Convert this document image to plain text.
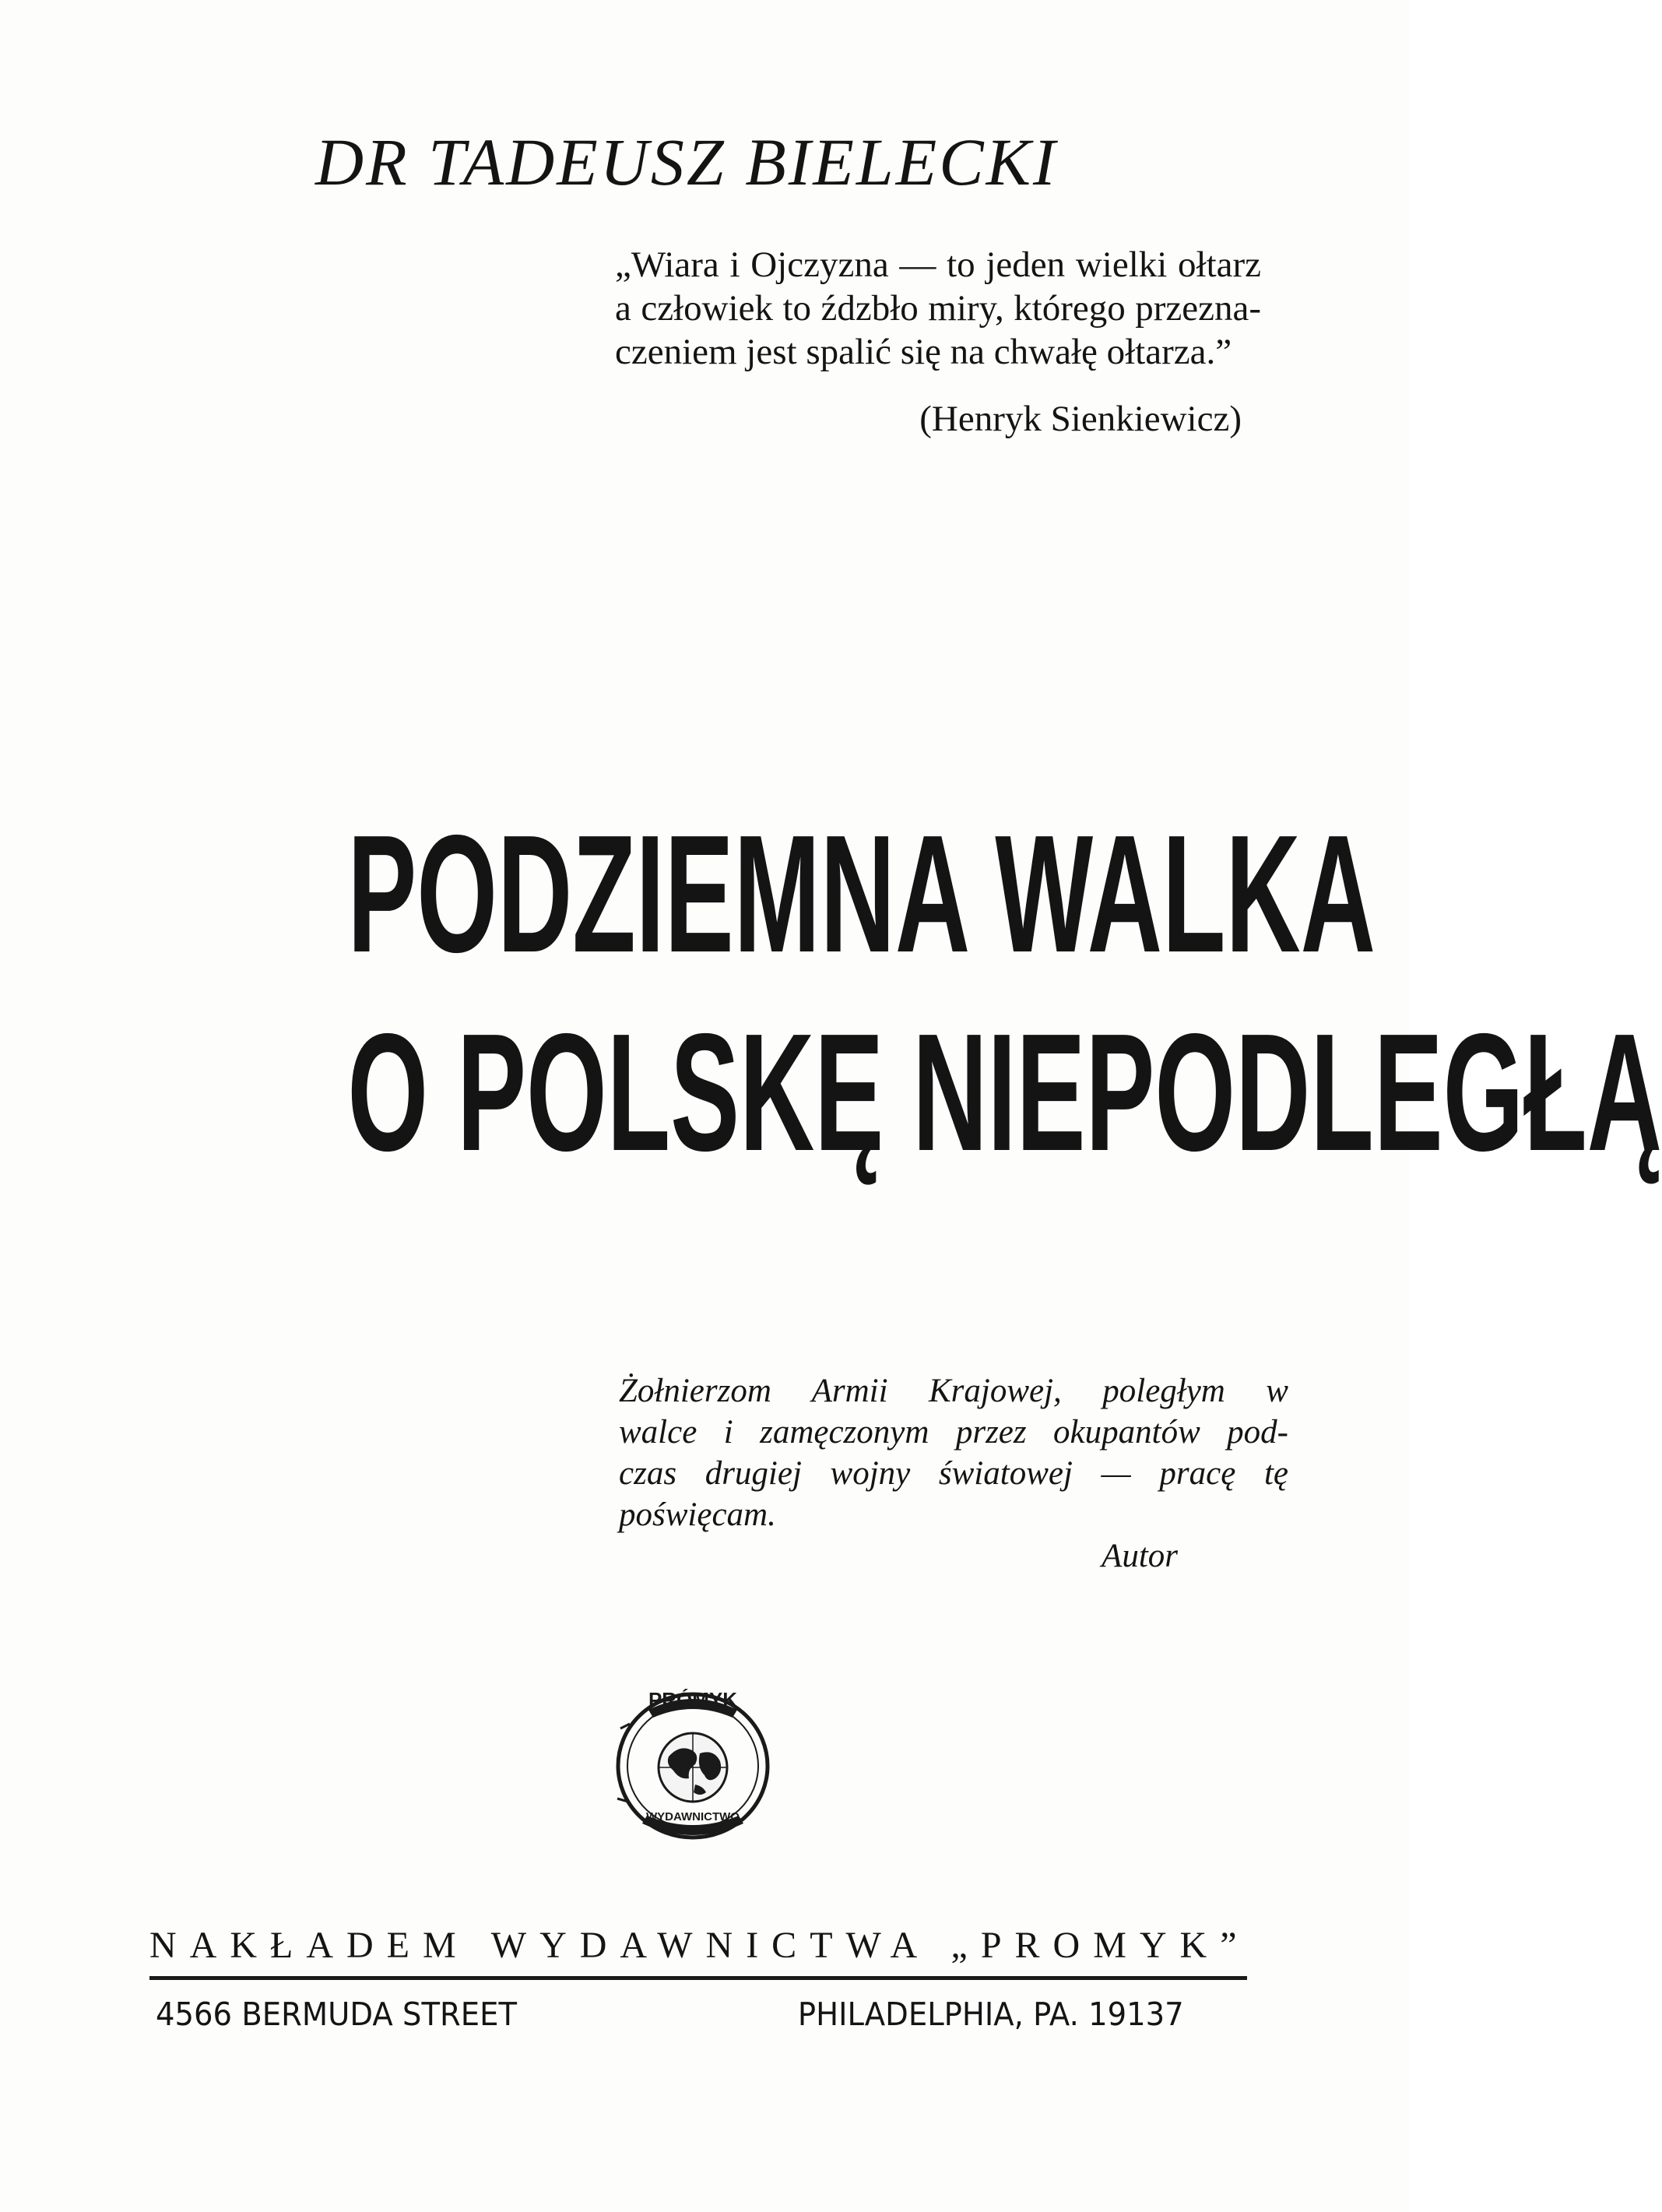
DR TADEUSZ BIELECKI
„Wiara i Ojczyzna — to jeden wielki ołtarz
a człowiek to źdzbło miry, którego przezna-
czeniem jest spalić się na chwałę ołtarza.”
(Henryk Sienkiewicz)
PODZIEMNA WALKA
O POLSKĘ NIEPODLEGŁĄ
Żołnierzom Armii Krajowej, poległym w
walce i zamęczonym przez okupantów pod-
czas drugiej wojny światowej — pracę tę
poświęcam.
Autor
PRÓMYK
WYDAWNICTWO
NAKŁADEM WYDAWNICTWA „PROMYK”
4566 BERMUDA STREET	PHILADELPHIA, PA. 19137
